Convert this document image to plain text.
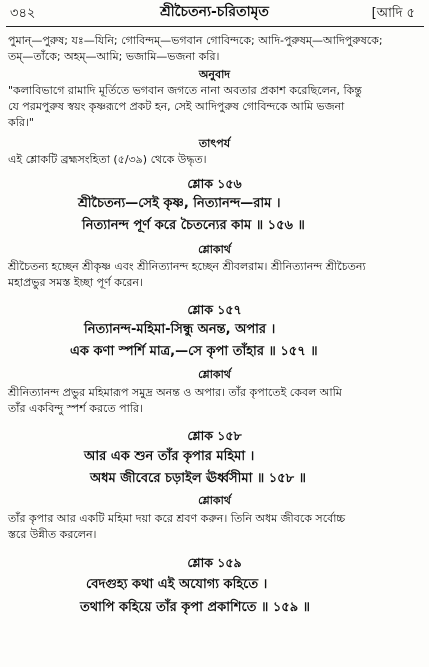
৩৪২	শ্রীচৈতন্য-চরিতামৃত	[আদি ৫
পুমান্—পুরুষ; যঃ—যিনি; গোবিন্দম্—ভগবান গোবিন্দকে; আদি-পুরুষম্—আদিপুরুষকে;
তম্—তাঁকে; অহম্—আমি; ভজামি—ভজনা করি।
অনুবাদ
"কলাবিভাগে রামাদি মূর্তিতে ভগবান জগতে নানা অবতার প্রকাশ করেছিলেন, কিন্তু
যে পরমপুরুষ স্বয়ং কৃষ্ণরূপে প্রকট হন, সেই আদিপুরুষ গোবিন্দকে আমি ভজনা
করি।"
তাৎপর্য
এই শ্লোকটি ব্রহ্মসংহিতা (৫/৩৯) থেকে উদ্ধৃত।
শ্লোক ১৫৬
শ্রীচৈতন্য—সেই কৃষ্ণ, নিত্যানন্দ—রাম ।
নিত্যানন্দ পূর্ণ করে চৈতন্যের কাম ॥ ১৫৬ ॥
শ্লোকার্থ
শ্রীচৈতন্য হচ্ছেন শ্রীকৃষ্ণ এবং শ্রীনিত্যানন্দ হচ্ছেন শ্রীবলরাম। শ্রীনিত্যানন্দ শ্রীচৈতন্য
মহাপ্রভুর সমস্ত ইচ্ছা পূর্ণ করেন।
শ্লোক ১৫৭
নিত্যানন্দ-মহিমা-সিন্ধু অনন্ত, অপার ।
এক কণা স্পর্শি মাত্র,—সে কৃপা তাঁহার ॥ ১৫৭ ॥
শ্লোকার্থ
শ্রীনিত্যানন্দ প্রভুর মহিমারূপ সমুদ্র অনন্ত ও অপার। তাঁর কৃপাতেই কেবল আমি
তাঁর একবিন্দু স্পর্শ করতে পারি।
শ্লোক ১৫৮
আর এক শুন তাঁর কৃপার মহিমা ।
অধম জীবেরে চড়াইল ঊর্ধ্বসীমা ॥ ১৫৮ ॥
শ্লোকার্থ
তাঁর কৃপার আর একটি মহিমা দয়া করে শ্রবণ করুন। তিনি অধম জীবকে সর্বোচ্চ
স্তরে উন্নীত করলেন।
শ্লোক ১৫৯
বেদগুহ্য কথা এই অযোগ্য কহিতে ।
তথাপি কহিয়ে তাঁর কৃপা প্রকাশিতে ॥ ১৫৯ ॥
